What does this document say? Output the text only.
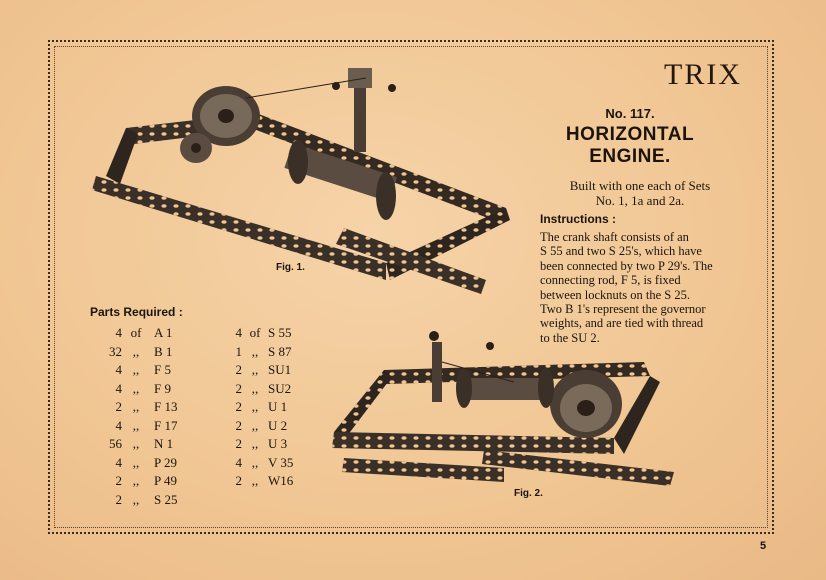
Fig. 1.
Fig. 2.
TRIX
No. 117.
HORIZONTAL
ENGINE.
Built with one each of Sets
No. 1, 1a and 2a.
Instructions :
The crank shaft consists of an
S 55 and two S 25's, which have
been connected by two P 29's. The
connecting rod, F 5, is fixed
between locknuts on the S 25.
Two B 1's represent the governor
weights, and are tied with thread
to the SU 2.
Parts Required :
4	of	A 1	4	of	S 55
32	,,	B 1	1	,,	S 87
4	,,	F 5	2	,,	SU1
4	,,	F 9	2	,,	SU2
2	,,	F 13	2	,,	U 1
4	,,	F 17	2	,,	U 2
56	,,	N 1	2	,,	U 3
4	,,	P 29	4	,,	V 35
2	,,	P 49	2	,,	W16
2	,,	S 25			
5
